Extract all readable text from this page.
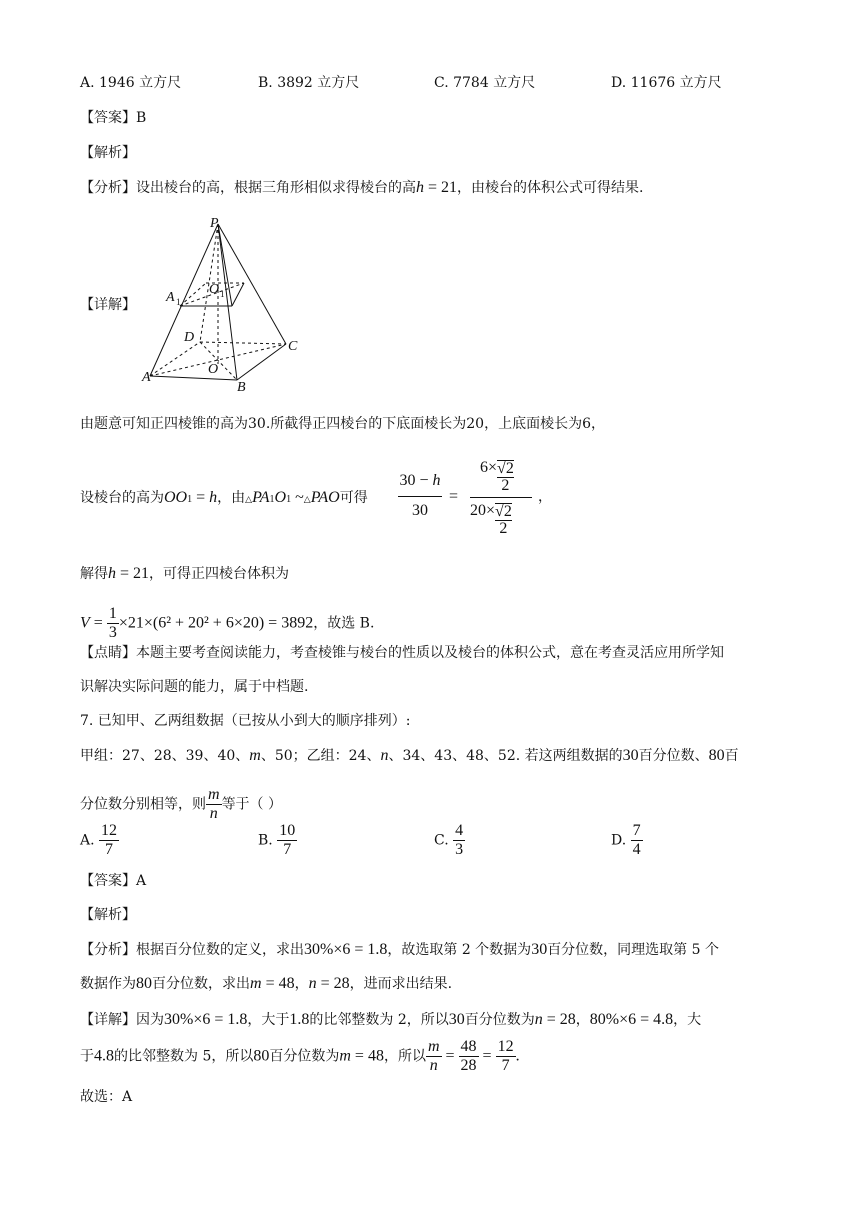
A. 1946 立方尺	B. 3892 立方尺	C. 7784 立方尺	D. 11676 立方尺
【答案】B
【解析】
【分析】设出棱台的高，根据三角形相似求得棱台的高h = 21，由棱台的体积公式可得结果.
【详解】
P
A 1
O 1
D
C
A
O
B
由题意可知正四棱锥的高为30.所截得正四棱台的下底面棱长为20，上底面棱长为6，
设棱台的高为OO1 = h，由△PA1O1 ~△PAO可得
30 − h
30
=
$6\times \frac{√2}{2}$
$20\times \frac{√2}{2}$
，
解得h = 21，可得正四棱台体积为
$V = \frac{1}{3} \times 21\times(6^2 + 20^2 + 6\times 20) = 3892$，故选 B.
【点睛】本题主要考查阅读能力，考查棱锥与棱台的性质以及棱台的体积公式，意在考查灵活应用所学知
识解决实际问题的能力，属于中档题.
7. 已知甲、乙两组数据（已按从小到大的顺序排列）:
甲组：27、28、39、40、m、50；乙组：24、n、34、43、48、52. 若这两组数据的30百分位数、80百
分位数分别相等，则 $\frac{m}{n}$ 等于（ ）
A. $\frac{12}{7}$	B. $\frac{10}{7}$	C. $\frac{4}{3}$	D. $\frac{7}{4}$
【答案】A
【解析】
【分析】根据百分位数的定义，求出30%×6 = 1.8，故选取第 2 个数据为30百分位数，同理选取第 5 个
数据作为80百分位数，求出m = 48，n = 28，进而求出结果.
【详解】因为30%×6 = 1.8，大于1.8的比邻整数为 2，所以30百分位数为n = 28，80%×6 = 4.8，大
于4.8的比邻整数为 5，所以80百分位数为m = 48，所以 $\frac{m}{n} = \frac{48}{28} = \frac{12}{7}$ .
故选：A
